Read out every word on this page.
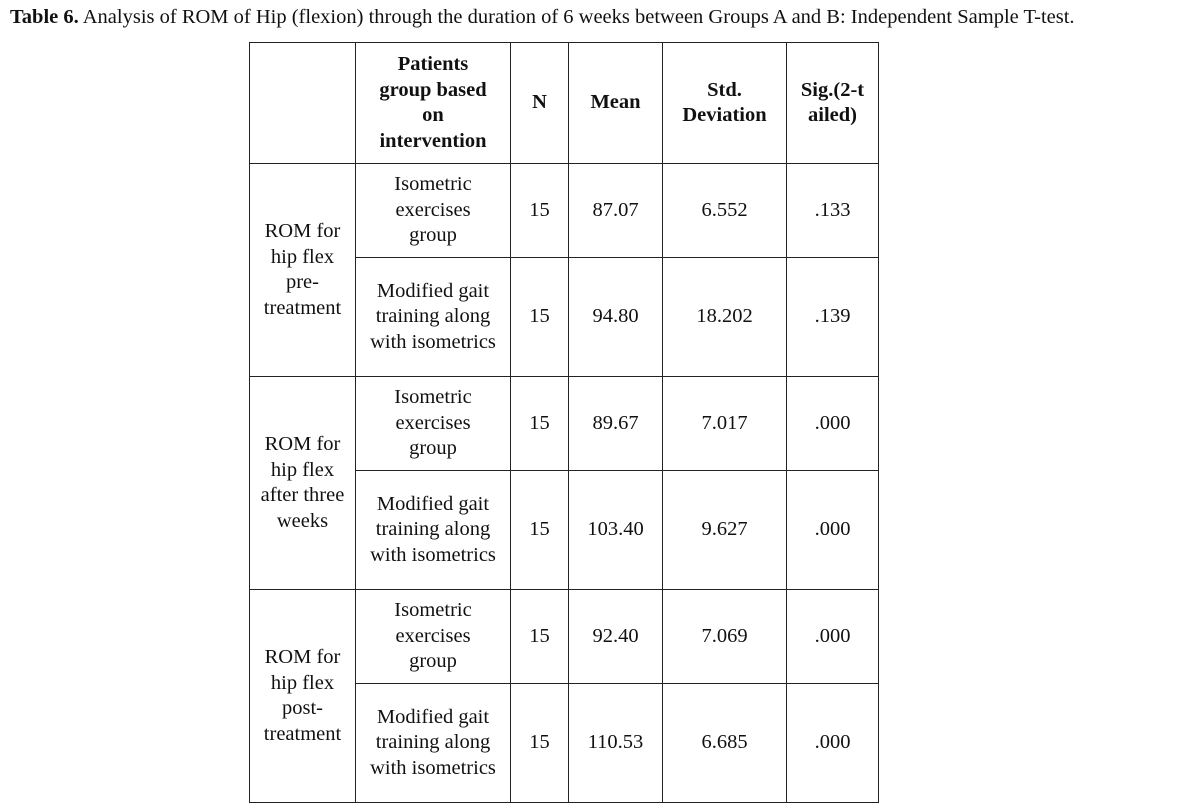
Table 6. Analysis of ROM of Hip (flexion) through the duration of 6 weeks between Groups A and B: Independent Sample T-test.
	Patients group based on intervention	N	Mean	Std. Deviation	Sig.(2-tailed)
ROM for hip flex pre-treatment	Isometric exercises group	15	87.07	6.552	.133
	Modified gait training along with isometrics	15	94.80	18.202	.139
ROM for hip flex after three weeks	Isometric exercises group	15	89.67	7.017	.000
	Modified gait training along with isometrics	15	103.40	9.627	.000
ROM for hip flex post-treatment	Isometric exercises group	15	92.40	7.069	.000
	Modified gait training along with isometrics	15	110.53	6.685	.000
